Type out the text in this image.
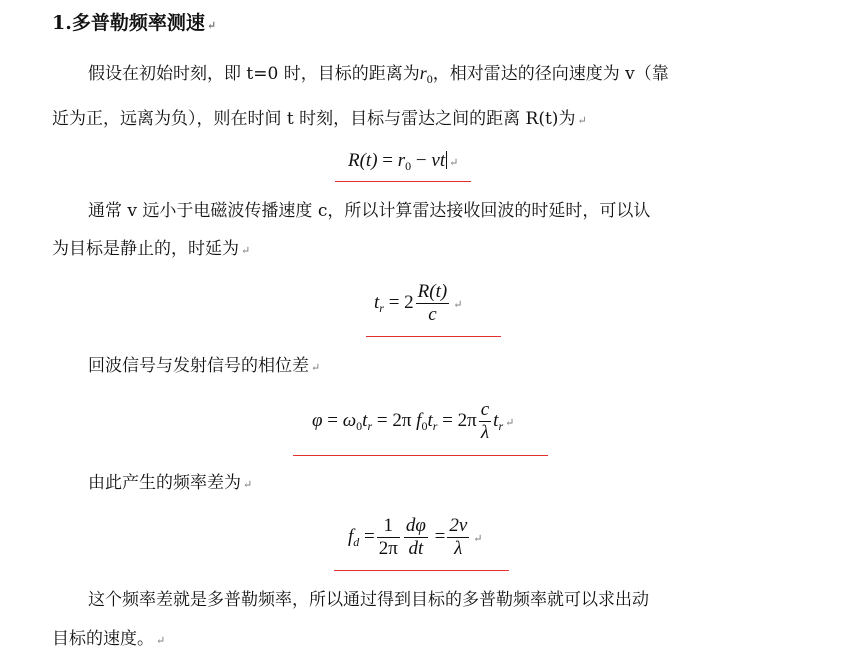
1.多普勒频率测速 ↵
假设在初始时刻，即 t=0 时，目标的距离为$r_0$，相对雷达的径向速度为 v（靠
近为正，远离为负），则在时间 t 时刻，目标与雷达之间的距离 R(t)为 ↵
$R(t) = r_0$ − vt ↵
通常 v 远小于电磁波传播速度 c，所以计算雷达接收回波的时延时，可以认
为目标是静止的，时延为 ↵
$t_r = 2 \frac{R(t)}{c}$ ↵
回波信号与发射信号的相位差 ↵
$\varphi = \omega_0t_r = 2\pi$ $f_0t_r = 2\pi \frac{c}{\lambda} t_r$ ↵
由此产生的频率差为 ↵
$f_d = \frac{1}{2\pi} \frac{d\varphi}{dt} = \frac{2v}{\lambda}$ ↵
这个频率差就是多普勒频率，所以通过得到目标的多普勒频率就可以求出动
目标的速度。 ↵
